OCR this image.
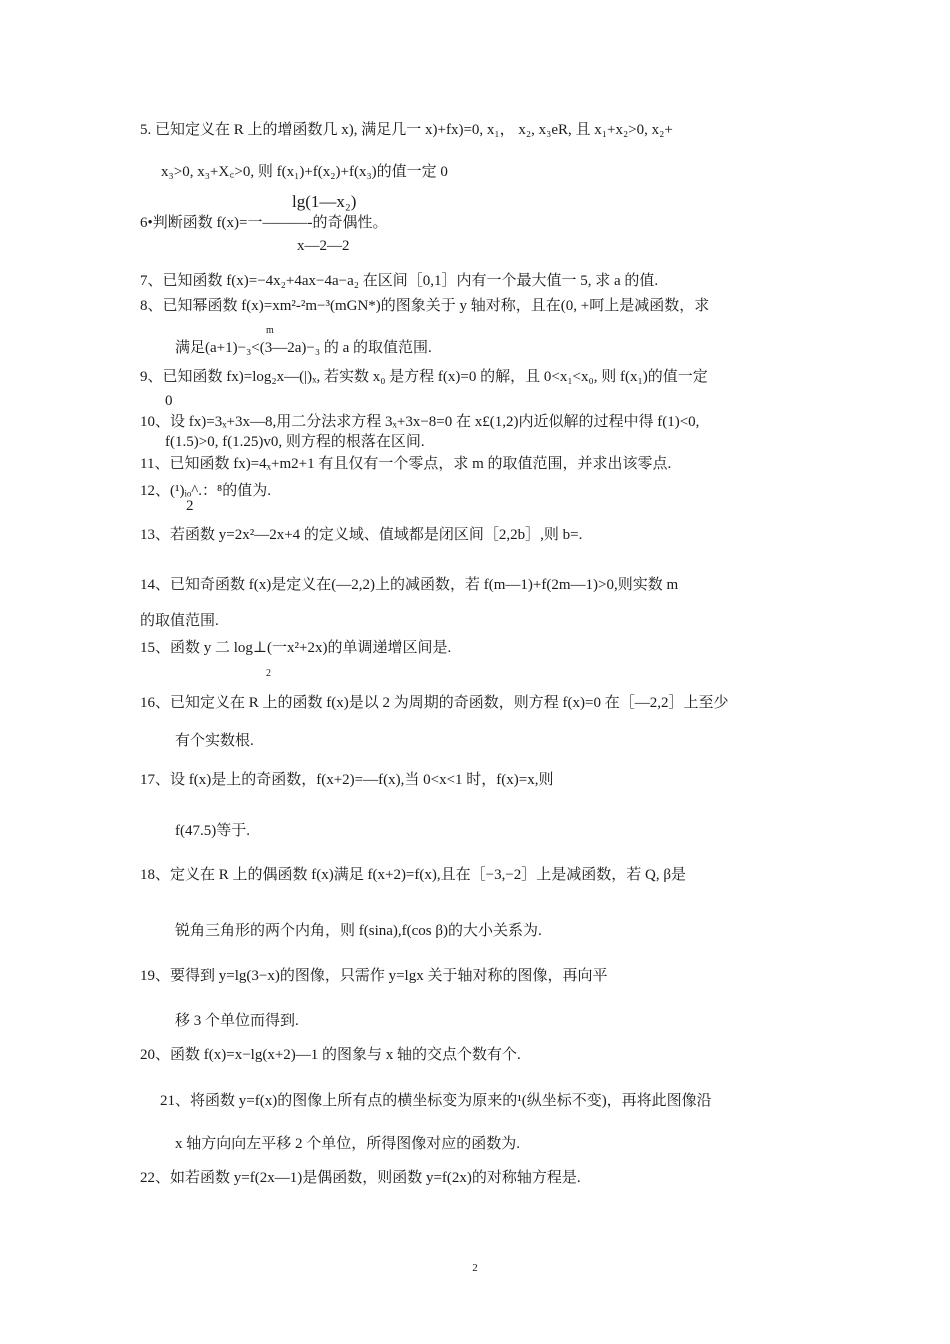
5. 已知定义在 R 上的增函数几 x), 满足几一 x)+fx)=0, x₁， x₂, x₃eR, 且 x₁+x₂>0, x₂+
x₃>0, x₃+X꜀>0, 则 f(x₁)+f(x₂)+f(x₃)的值一定 0
lg(1—x₂)
6•判断函数 f(x)=一———-的奇偶性。
x—2—2
7、已知函数 f(x)=−4x₂+4ax−4a−a₂ 在区间［0,1］内有一个最大值一 5, 求 a 的值.
8、已知幂函数 f(x)=xm²-²m−³(mGN*)的图象关于 y 轴对称，且在(0, +呵上是减函数，求
m
满足(a+1)−₃<(3—2a)−₃ 的 a 的取值范围.
9、已知函数 fx)=log₂x—(|)ₓ, 若实数 x₀ 是方程 f(x)=0 的解，且 0<x₁<x₀, 则 f(x₁)的值一定
0
10、设 fx)=3ₓ+3x—8,用二分法求方程 3ₓ+3x−8=0 在 x£(1,2)内近似解的过程中得 f(1)<0,
f(1.5)>0, f(1.25)v0, 则方程的根落在区间.
11、已知函数 fx)=4ₓ+m2+1 有且仅有一个零点，求 m 的取值范围，并求出该零点.
12、(¹)ᵢₒ^.：⁸的值为.
2
13、若函数 y=2x²—2x+4 的定义域、值域都是闭区间［2,2b］,则 b=.
14、已知奇函数 f(x)是定义在(—2,2)上的减函数，若 f(m—1)+f(2m—1)>0,则实数 m
的取值范围.
15、函数 y 二 log⊥(一x²+2x)的单调递增区间是.
2
16、已知定义在 R 上的函数 f(x)是以 2 为周期的奇函数，则方程 f(x)=0 在［—2,2］上至少
有个实数根.
17、设 f(x)是上的奇函数，f(x+2)=—f(x),当 0<x<1 时，f(x)=x,则
f(47.5)等于.
18、定义在 R 上的偶函数 f(x)满足 f(x+2)=f(x),且在［−3,−2］上是减函数，若 Q, β是
锐角三角形的两个内角，则 f(sina),f(cos β)的大小关系为.
19、要得到 y=lg(3−x)的图像，只需作 y=lgx 关于轴对称的图像，再向平
移 3 个单位而得到.
20、函数 f(x)=x−lg(x+2)—1 的图象与 x 轴的交点个数有个.
21、将函数 y=f(x)的图像上所有点的横坐标变为原来的¹(纵坐标不变)，再将此图像沿
x 轴方向向左平移 2 个单位，所得图像对应的函数为.
22、如若函数 y=f(2x—1)是偶函数，则函数 y=f(2x)的对称轴方程是.
2
